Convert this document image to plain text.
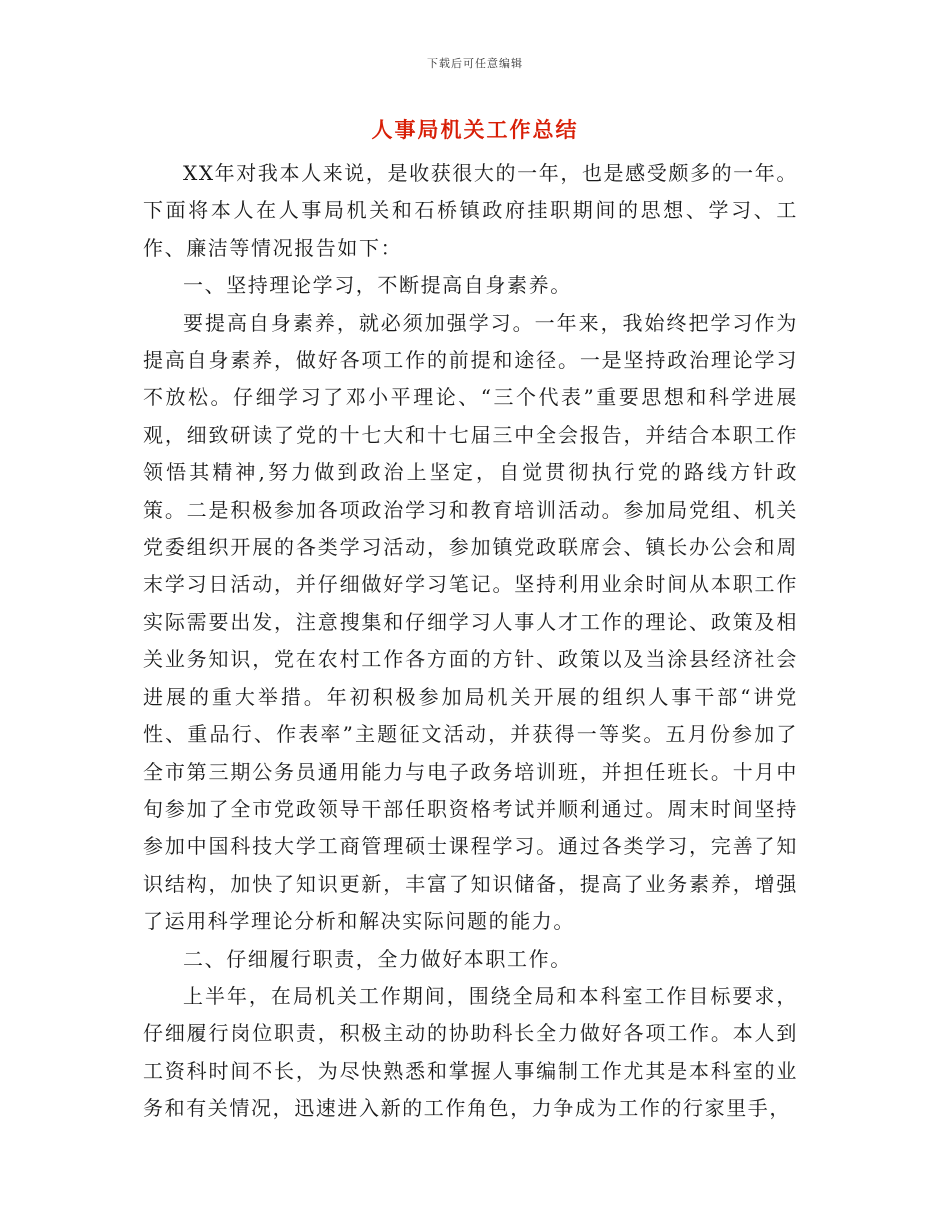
下载后可任意编辑
人事局机关工作总结

XX年对我本人来说，是收获很大的一年，也是感受颇多的一年。下面将本人在人事局机关和石桥镇政府挂职期间的思想、学习、工作、廉洁等情况报告如下：

一、坚持理论学习，不断提高自身素养。

要提高自身素养，就必须加强学习。一年来，我始终把学习作为提高自身素养，做好各项工作的前提和途径。一是坚持政治理论学习不放松。仔细学习了邓小平理论、“三个代表”重要思想和科学进展观，细致研读了党的十七大和十七届三中全会报告，并结合本职工作领悟其精神,努力做到政治上坚定，自觉贯彻执行党的路线方针政策。二是积极参加各项政治学习和教育培训活动。参加局党组、机关党委组织开展的各类学习活动，参加镇党政联席会、镇长办公会和周末学习日活动，并仔细做好学习笔记。坚持利用业余时间从本职工作实际需要出发，注意搜集和仔细学习人事人才工作的理论、政策及相关业务知识，党在农村工作各方面的方针、政策以及当涂县经济社会进展的重大举措。年初积极参加局机关开展的组织人事干部“讲党性、重品行、作表率”主题征文活动，并获得一等奖。五月份参加了全市第三期公务员通用能力与电子政务培训班，并担任班长。十月中旬参加了全市党政领导干部任职资格考试并顺利通过。周末时间坚持参加中国科技大学工商管理硕士课程学习。通过各类学习，完善了知识结构，加快了知识更新，丰富了知识储备，提高了业务素养，增强了运用科学理论分析和解决实际问题的能力。

二、仔细履行职责，全力做好本职工作。

上半年，在局机关工作期间，围绕全局和本科室工作目标要求，仔细履行岗位职责，积极主动的协助科长全力做好各项工作。本人到工资科时间不长，为尽快熟悉和掌握人事编制工作尤其是本科室的业务和有关情况，迅速进入新的工作角色，力争成为工作的行家里手，
